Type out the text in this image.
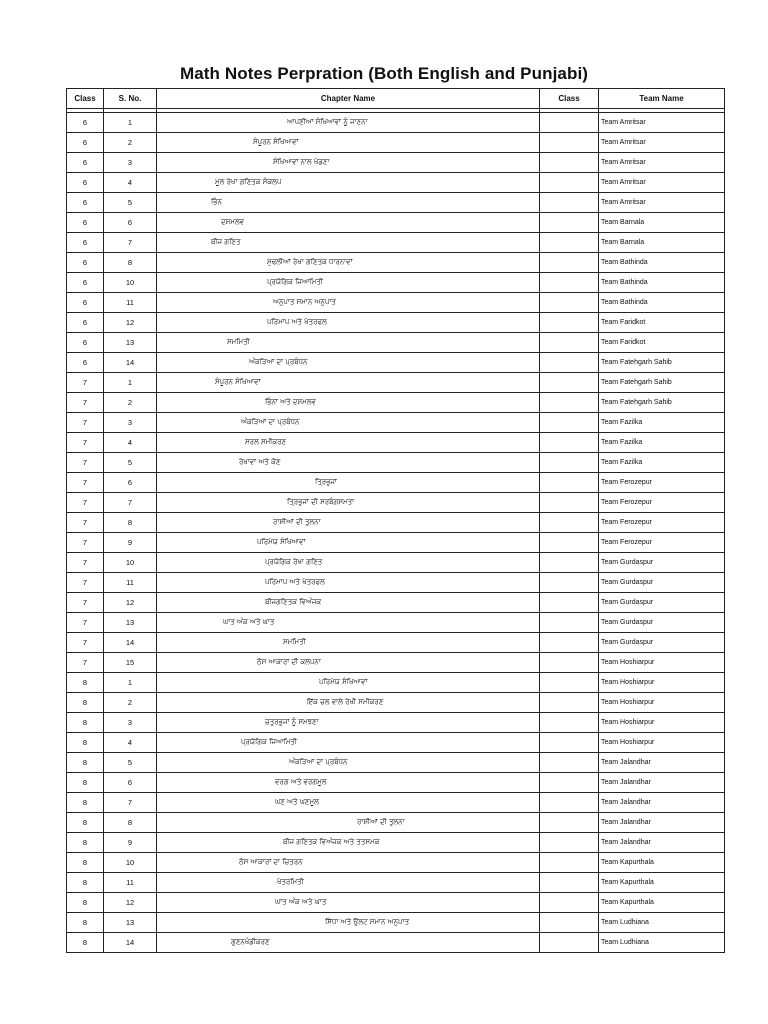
Math Notes Perpration (Both English and Punjabi)
Class	S. No.	Chapter Name	Class	Team Name

6	1	ਆਪਣੀਆਂ ਸੰਖਿਆਵਾਂ ਨੂੰ ਜਾਣਨਾ		Team Amritsar
6	2	ਸੰਪੂਰਨ ਸੰਖਿਆਵਾਂ		Team Amritsar
6	3	ਸੰਖਿਆਵਾਂ ਨਾਲ ਖੇਡਣਾ		Team Amritsar
6	4	ਮੂਲ ਰੇਖਾ ਗਣਿਤਕ ਸੰਕਲਪ		Team Amritsar
6	5	ਭਿੰਨ		Team Amritsar
6	6	ਦਸ਼ਮਲਵ		Team Barnala
6	7	ਬੀਜ ਗਣਿਤ		Team Barnala
6	8	ਮੁੱਢਲੀਆਂ ਰੇਖਾ ਗਣਿਤਕ ਧਾਰਨਾਵਾਂ		Team Bathinda
6	10	ਪ੍ਰਯੋਗਿਕ ਜਿਆਮਿਤੀ		Team Bathinda
6	11	ਅਨੁਪਾਤ ਸਮਾਨ ਅਨੁਪਾਤ		Team Bathinda
6	12	ਪਰਿਮਾਪ ਅਤੇ ਖੇਤਰਫਲ		Team Faridkot
6	13	ਸਮਮਿਤੀ		Team Faridkot
6	14	ਅੰਕੜਿਆਂ ਦਾ ਪ੍ਰਬੰਧਨ		Team Fatehgarh Sahib
7	1	ਸੰਪੂਰਨ ਸੰਖਿਆਵਾਂ		Team Fatehgarh Sahib
7	2	ਭਿੰਨਾਂ ਅਤੇ ਦਸ਼ਮਲਵ		Team Fatehgarh Sahib
7	3	ਅੰਕੜਿਆਂ ਦਾ ਪ੍ਰਬੰਧਨ		Team Fazilka
7	4	ਸਰਲ ਸਮੀਕਰਣ		Team Fazilka
7	5	ਰੇਖਾਵਾਂ ਅਤੇ ਕੋਣ		Team Fazilka
7	6	ਤ੍ਰਿਭੁਜਾਂ		Team Ferozepur
7	7	ਤ੍ਰਿਭੁਜਾਂ ਦੀ ਸਰਬੰਗਸਮਤਾ		Team Ferozepur
7	8	ਰਾਸ਼ੀਆਂ ਦੀ ਤੁਲਨਾ		Team Ferozepur
7	9	ਪਰਿਮੇਯ ਸੰਖਿਆਵਾਂ		Team Ferozepur
7	10	ਪ੍ਰਯੋਗਿਕ ਰੇਖਾ ਗਣਿਤ		Team Gurdaspur
7	11	ਪਰਿਮਾਪ ਅਤੇ ਖੇਤਰਫਲ		Team Gurdaspur
7	12	ਬੀਜਗਣਿਤਕ ਵਿਅੰਜਕ		Team Gurdaspur
7	13	ਘਾਤ ਅੰਕ ਅਤੇ ਘਾਤ		Team Gurdaspur
7	14	ਸਮਮਿਤੀ		Team Gurdaspur
7	15	ਠੋਸ ਆਕਾਰਾਂ ਦੀ ਕਲਪਨਾ		Team Hoshiarpur
8	1	ਪਰਿਮੇਯ ਸੰਖਿਆਵਾਂ		Team Hoshiarpur
8	2	ਇੱਕ ਚਲ ਵਾਲੇ ਰੇਖੀ ਸਮੀਕਰਣ		Team Hoshiarpur
8	3	ਚਤੁਰਭੁਜਾਂ ਨੂੰ ਸਮਝਣਾ		Team Hoshiarpur
8	4	ਪ੍ਰਯੋਗਿਕ ਜਿਆਮਿਤੀ		Team Hoshiarpur
8	5	ਅੰਕੜਿਆਂ ਦਾ ਪ੍ਰਬੰਧਨ		Team Jalandhar
8	6	ਵਰਗ ਅਤੇ ਵਰਗਮੂਲ		Team Jalandhar
8	7	ਘਣ ਅਤੇ ਘਣਮੂਲ		Team Jalandhar
8	8	ਰਾਸ਼ੀਆਂ ਦੀ ਤੁਲਨਾ		Team Jalandhar
8	9	ਬੀਜ ਗਣਿਤਕ ਵਿਅੰਜਕ ਅਤੇ ਤਤਸਮਕ		Team Jalandhar
8	10	ਠੋਸ ਆਕਾਰਾਂ ਦਾ ਚਿਤਰਨ		Team Kapurthala
8	11	ਖੇਤਰਮਿਤੀ		Team Kapurthala
8	12	ਘਾਤ ਅੰਕ ਅਤੇ ਘਾਤ		Team Kapurthala
8	13	ਸਿੱਧਾ ਅਤੇ ਉਲਟ ਸਮਾਨ ਅਨੁਪਾਤ		Team Ludhiana
8	14	ਗੁਣਨਖੰਡੀਕਰਣ		Team Ludhiana
